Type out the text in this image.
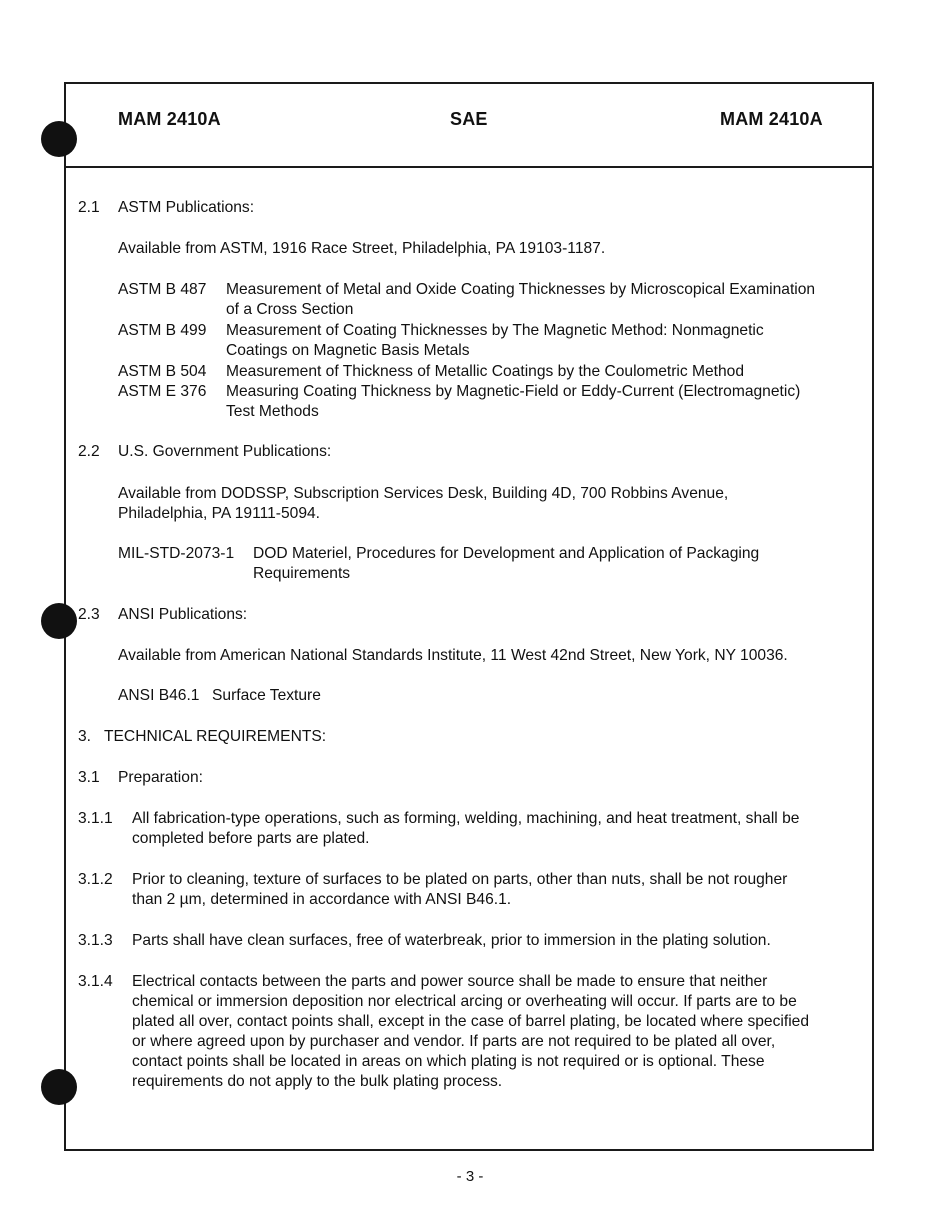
MAM 2410A	SAE	MAM 2410A
2.1 ASTM Publications:
Available from ASTM, 1916 Race Street, Philadelphia, PA 19103-1187.
ASTM B 487 Measurement of Metal and Oxide Coating Thicknesses by Microscopical Examination
of a Cross Section
ASTM B 499 Measurement of Coating Thicknesses by The Magnetic Method: Nonmagnetic
Coatings on Magnetic Basis Metals
ASTM B 504 Measurement of Thickness of Metallic Coatings by the Coulometric Method
ASTM E 376 Measuring Coating Thickness by Magnetic-Field or Eddy-Current (Electromagnetic)
Test Methods
2.2 U.S. Government Publications:
Available from DODSSP, Subscription Services Desk, Building 4D, 700 Robbins Avenue,
Philadelphia, PA 19111-5094.
MIL-STD-2073-1 DOD Materiel, Procedures for Development and Application of Packaging
Requirements
2.3 ANSI Publications:
Available from American National Standards Institute, 11 West 42nd Street, New York, NY 10036.
ANSI B46.1 Surface Texture
3. TECHNICAL REQUIREMENTS:
3.1 Preparation:
3.1.1 All fabrication-type operations, such as forming, welding, machining, and heat treatment, shall be
completed before parts are plated.
3.1.2 Prior to cleaning, texture of surfaces to be plated on parts, other than nuts, shall be not rougher
than 2 µm, determined in accordance with ANSI B46.1.
3.1.3 Parts shall have clean surfaces, free of waterbreak, prior to immersion in the plating solution.
3.1.4 Electrical contacts between the parts and power source shall be made to ensure that neither
chemical or immersion deposition nor electrical arcing or overheating will occur. If parts are to be
plated all over, contact points shall, except in the case of barrel plating, be located where specified
or where agreed upon by purchaser and vendor. If parts are not required to be plated all over,
contact points shall be located in areas on which plating is not required or is optional. These
requirements do not apply to the bulk plating process.
- 3 -
